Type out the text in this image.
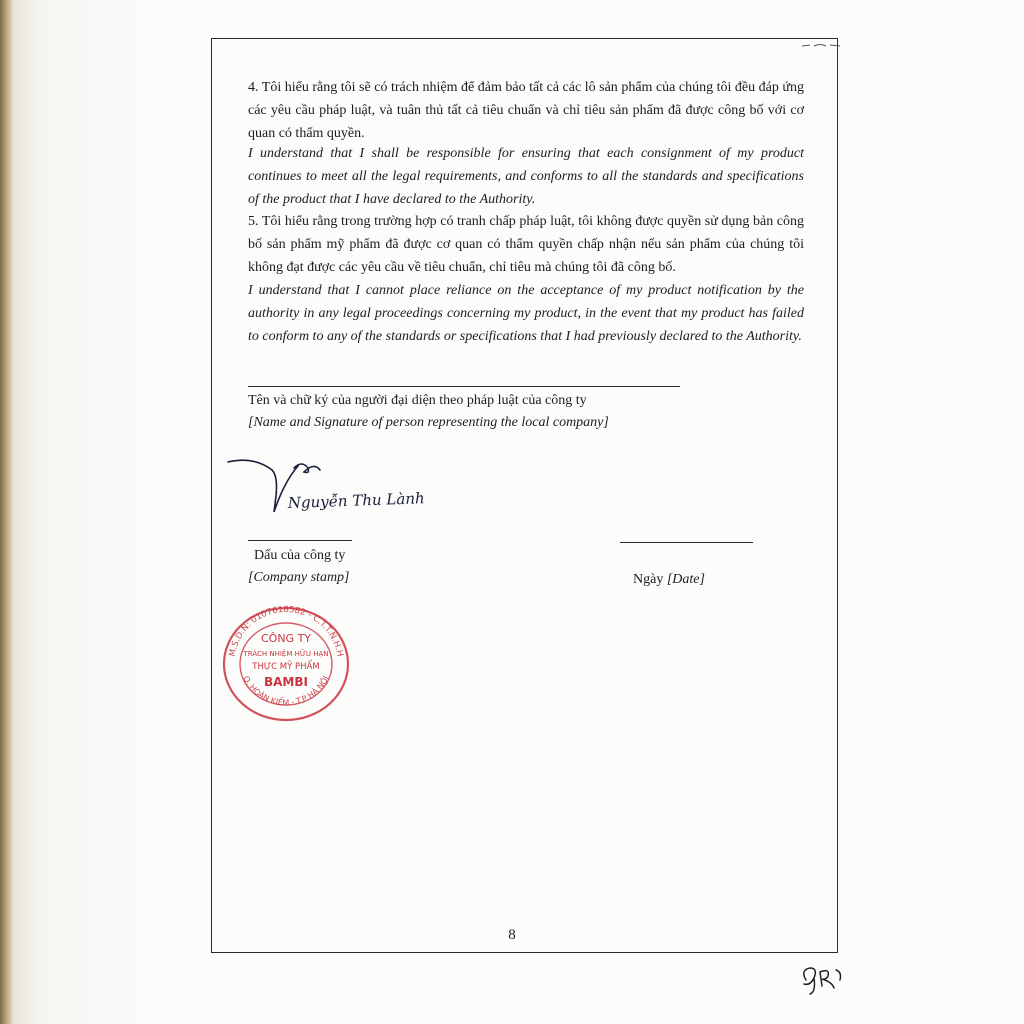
4. Tôi hiểu rằng tôi sẽ có trách nhiệm để đảm bảo tất cả các lô sản phẩm của chúng tôi đều đáp ứng các yêu cầu pháp luật, và tuân thủ tất cả tiêu chuẩn và chỉ tiêu sản phẩm đã được công bố với cơ quan có thẩm quyền.

I understand that I shall be responsible for ensuring that each consignment of my product continues to meet all the legal requirements, and conforms to all the standards and specifications of the product that I have declared to the Authority.

5. Tôi hiểu rằng trong trường hợp có tranh chấp pháp luật, tôi không được quyền sử dụng bản công bố sản phẩm mỹ phẩm đã được cơ quan có thẩm quyền chấp nhận nếu sản phẩm của chúng tôi không đạt được các yêu cầu về tiêu chuẩn, chỉ tiêu mà chúng tôi đã công bố.

I understand that I cannot place reliance on the acceptance of my product notification by the authority in any legal proceedings concerning my product, in the event that my product has failed to conform to any of the standards or specifications that I had previously declared to the Authority.

Tên và chữ ký của người đại diện theo pháp luật của công ty
[Name and Signature of person representing the local company]
Nguyễn Thu Lành
Dấu của công ty
[Company stamp]	Ngày [Date]
M.S.D.N: 0107618582 - C.T.T.N.H.H
Q. HOÀN KIẾM - T.P HÀ NỘI
CÔNG TY
TRÁCH NHIỆM HỮU HẠN
THỰC MỸ PHẨM
BAMBI
8
